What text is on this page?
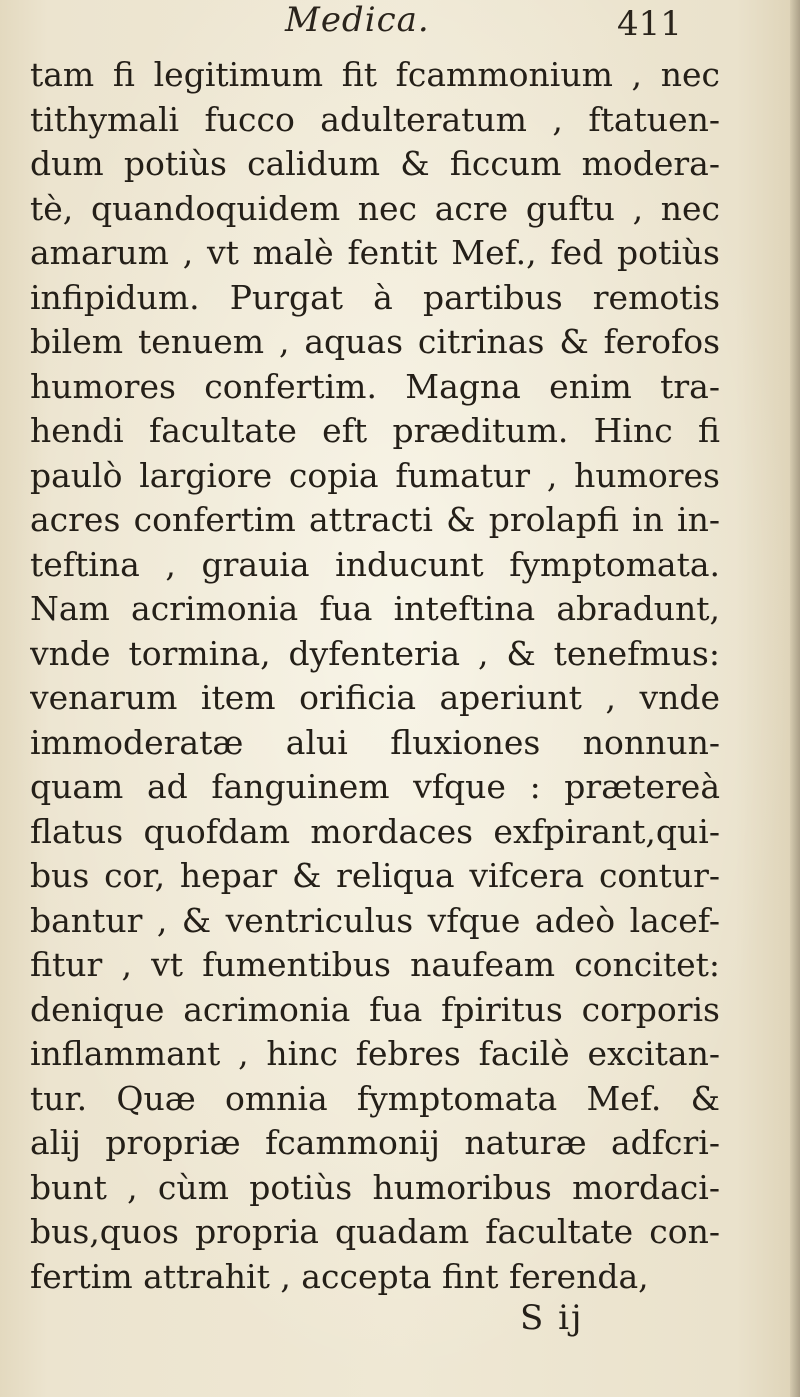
Medica.	411
tam fi legitimum fit fcammonium , nec
tithymali fucco adulteratum , ftatuen-
dum potiùs calidum & ficcum modera-
tè, quandoquidem nec acre guftu , nec
amarum , vt malè fentit Mef., fed potiùs
infipidum. Purgat à partibus remotis
bilem tenuem , aquas citrinas & ferofos
humores confertim. Magna enim tra-
hendi facultate eft præditum. Hinc fi
paulò largiore copia fumatur , humores
acres confertim attracti & prolapfi in in-
teftina , grauia inducunt fymptomata.
Nam acrimonia fua inteftina abradunt,
vnde tormina, dyfenteria , & tenefmus:
venarum item orificia aperiunt , vnde
immoderatæ alui fluxiones nonnun-
quam ad fanguinem vfque : prætereà
flatus quofdam mordaces exfpirant,qui-
bus cor, hepar & reliqua vifcera contur-
bantur , & ventriculus vfque adeò lacef-
fitur , vt fumentibus naufeam concitet:
denique acrimonia fua fpiritus corporis
inflammant , hinc febres facilè excitan-
tur. Quæ omnia fymptomata Mef. &
alij propriæ fcammonij naturæ adfcri-
bunt , cùm potiùs humoribus mordaci-
bus,quos propria quadam facultate con-
fertim attrahit , accepta fint ferenda,
S ij
